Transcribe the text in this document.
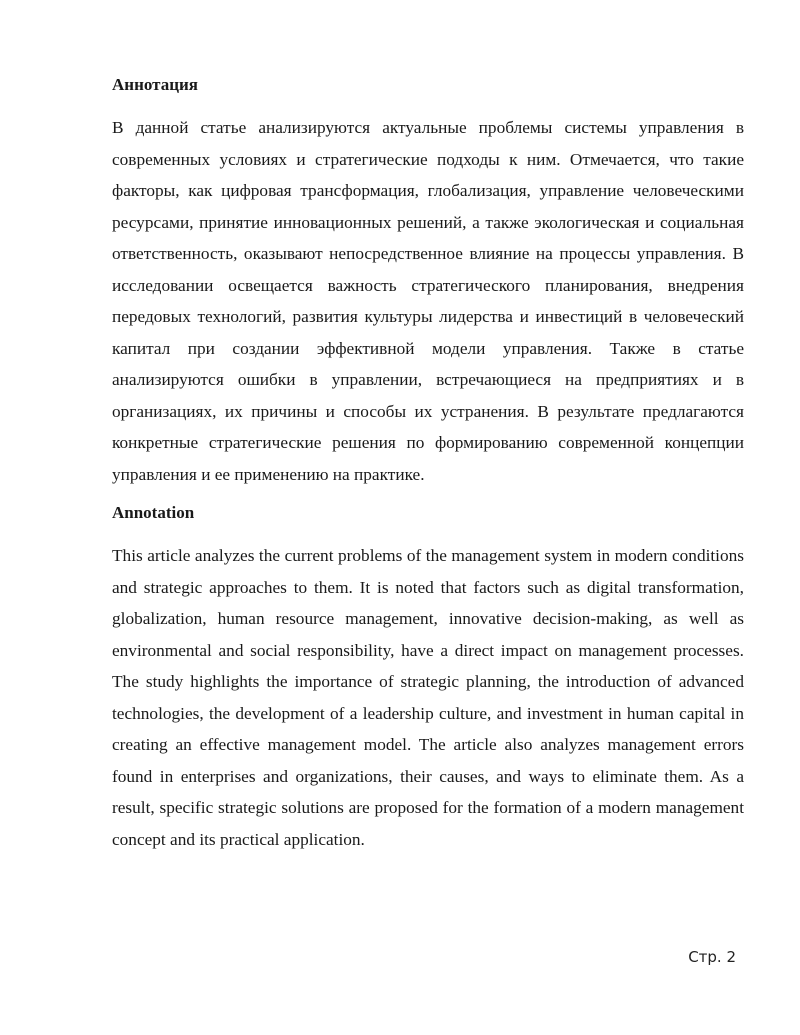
Аннотация

В данной статье анализируются актуальные проблемы системы управления в современных условиях и стратегические подходы к ним. Отмечается, что такие факторы, как цифровая трансформация, глобализация, управление человеческими ресурсами, принятие инновационных решений, а также экологическая и социальная ответственность, оказывают непосредственное влияние на процессы управления. В исследовании освещается важность стратегического планирования, внедрения передовых технологий, развития культуры лидерства и инвестиций в человеческий капитал при создании эффективной модели управления. Также в статье анализируются ошибки в управлении, встречающиеся на предприятиях и в организациях, их причины и способы их устранения. В результате предлагаются конкретные стратегические решения по формированию современной концепции управления и ее применению на практике.

Annotation

This article analyzes the current problems of the management system in modern conditions and strategic approaches to them. It is noted that factors such as digital transformation, globalization, human resource management, innovative decision-making, as well as environmental and social responsibility, have a direct impact on management processes. The study highlights the importance of strategic planning, the introduction of advanced technologies, the development of a leadership culture, and investment in human capital in creating an effective management model. The article also analyzes management errors found in enterprises and organizations, their causes, and ways to eliminate them. As a result, specific strategic solutions are proposed for the formation of a modern management concept and its practical application.

Стр. 2
